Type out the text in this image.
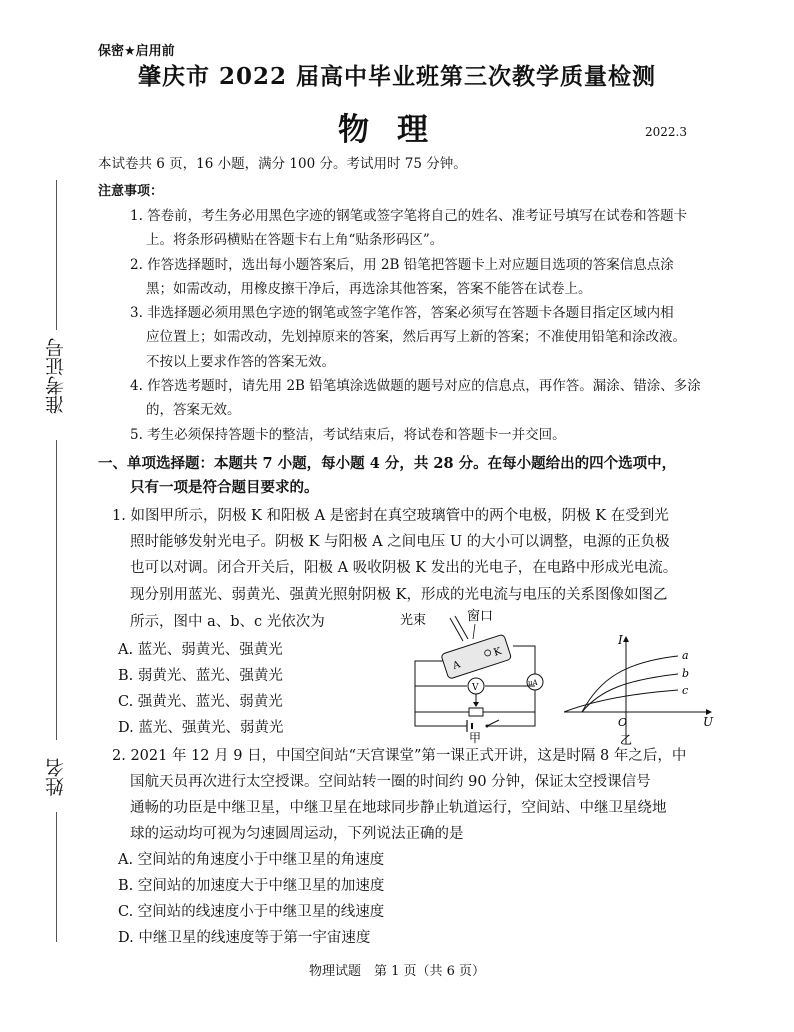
保密★启用前
肇庆市 2022 届高中毕业班第三次教学质量检测
物理	2022.3
本试卷共 6 页，16 小题，满分 100 分。考试用时 75 分钟。
注意事项：
1. 答卷前，考生务必用黑色字迹的钢笔或签字笔将自己的姓名、准考证号填写在试卷和答题卡
上。将条形码横贴在答题卡右上角“贴条形码区”。
2. 作答选择题时，选出每小题答案后，用 2B 铅笔把答题卡上对应题目选项的答案信息点涂
黑；如需改动，用橡皮擦干净后，再选涂其他答案，答案不能答在试卷上。
3. 非选择题必须用黑色字迹的钢笔或签字笔作答，答案必须写在答题卡各题目指定区域内相
应位置上；如需改动，先划掉原来的答案，然后再写上新的答案；不准使用铅笔和涂改液。
不按以上要求作答的答案无效。
4. 作答选考题时，请先用 2B 铅笔填涂选做题的题号对应的信息点，再作答。漏涂、错涂、多涂
的，答案无效。
5. 考生必须保持答题卡的整洁，考试结束后，将试卷和答题卡一并交回。
准考证号
姓名
一、单项选择题：本题共 7 小题，每小题 4 分，共 28 分。在每小题给出的四个选项中，
只有一项是符合题目要求的。
1. 如图甲所示，阴极 K 和阳极 A 是密封在真空玻璃管中的两个电极，阴极 K 在受到光
照时能够发射光电子。阴极 K 与阳极 A 之间电压 U 的大小可以调整，电源的正负极
也可以对调。闭合开关后，阳极 A 吸收阴极 K 发出的光电子，在电路中形成光电流。
现分别用蓝光、弱黄光、强黄光照射阴极 K，形成的光电流与电压的关系图像如图乙
所示，图中 a、b、c 光依次为
A. 蓝光、弱黄光、强黄光
B. 弱黄光、蓝光、强黄光
C. 强黄光、蓝光、弱黄光
D. 蓝光、强黄光、弱黄光
光束	窗口
A
K
μA
V
甲
I
U
O
a
b
c
乙
2. 2021 年 12 月 9 日，中国空间站“天宫课堂”第一课正式开讲，这是时隔 8 年之后，中
国航天员再次进行太空授课。空间站转一圈的时间约 90 分钟，保证太空授课信号
通畅的功臣是中继卫星，中继卫星在地球同步静止轨道运行，空间站、中继卫星绕地
球的运动均可视为匀速圆周运动，下列说法正确的是
A. 空间站的角速度小于中继卫星的角速度
B. 空间站的加速度大于中继卫星的加速度
C. 空间站的线速度小于中继卫星的线速度
D. 中继卫星的线速度等于第一宇宙速度
物理试题　第 1 页（共 6 页）
